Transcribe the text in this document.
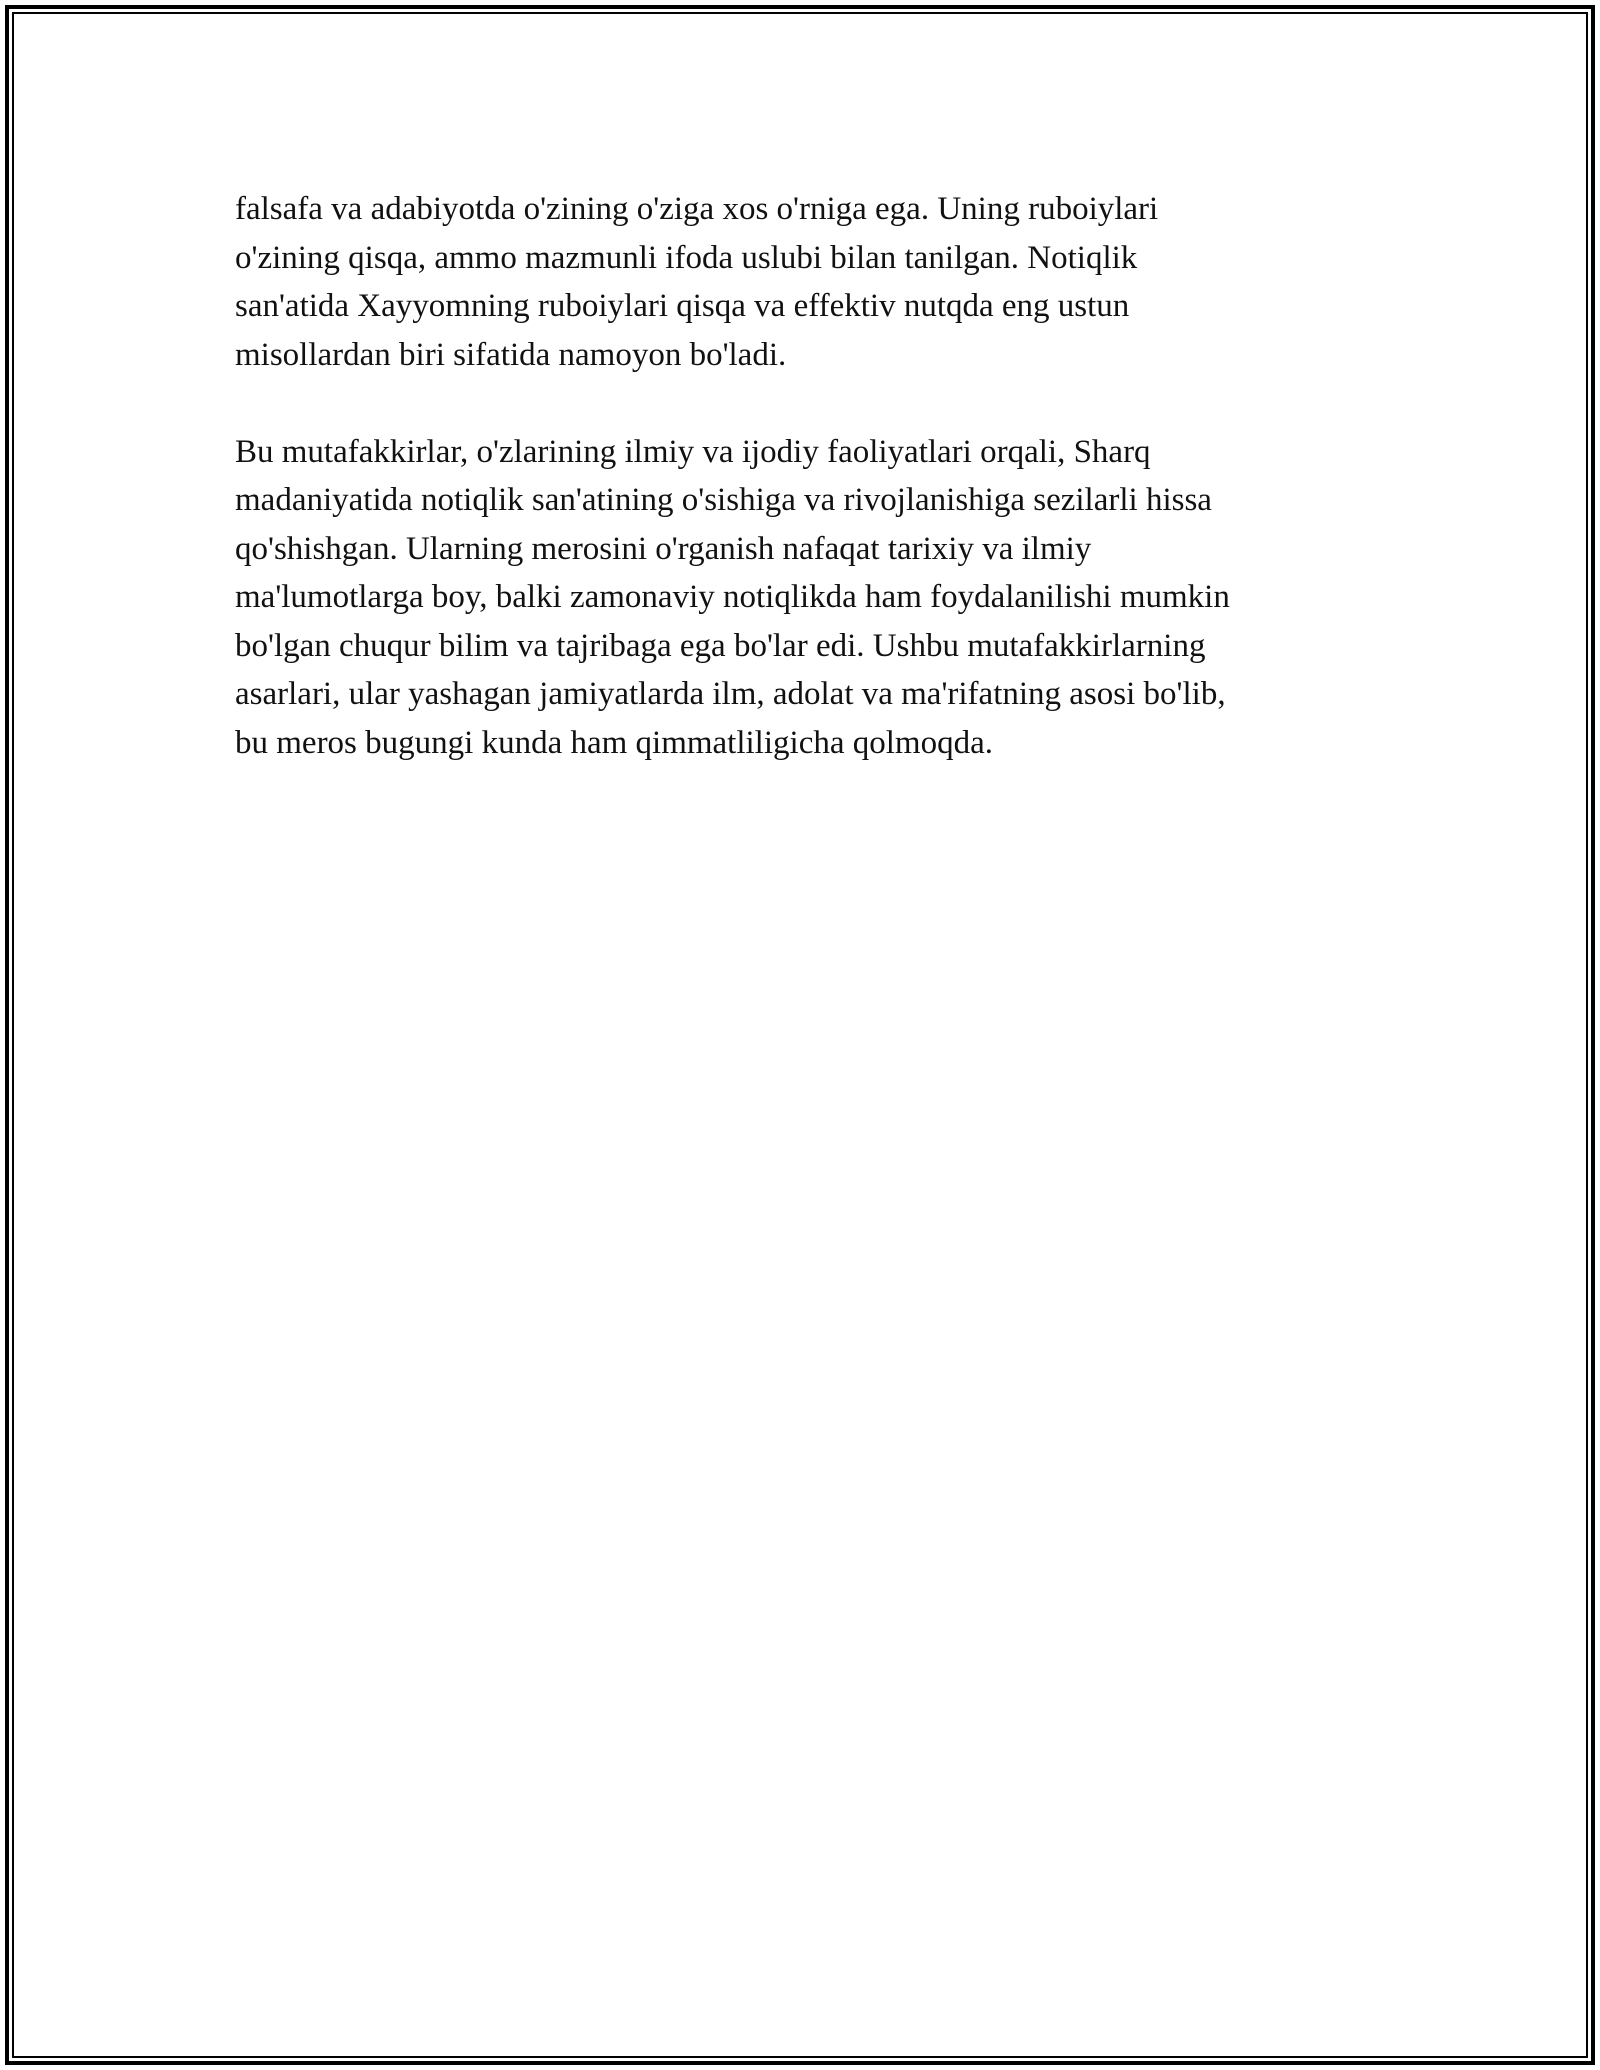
falsafa va adabiyotda o'zining o'ziga xos o'rniga ega. Uning ruboiylari
o'zining qisqa, ammo mazmunli ifoda uslubi bilan tanilgan. Notiqlik
san'atida Xayyomning ruboiylari qisqa va effektiv nutqda eng ustun
misollardan biri sifatida namoyon bo'ladi.

Bu mutafakkirlar, o'zlarining ilmiy va ijodiy faoliyatlari orqali, Sharq
madaniyatida notiqlik san'atining o'sishiga va rivojlanishiga sezilarli hissa
qo'shishgan. Ularning merosini o'rganish nafaqat tarixiy va ilmiy
ma'lumotlarga boy, balki zamonaviy notiqlikda ham foydalanilishi mumkin
bo'lgan chuqur bilim va tajribaga ega bo'lar edi. Ushbu mutafakkirlarning
asarlari, ular yashagan jamiyatlarda ilm, adolat va ma'rifatning asosi bo'lib,
bu meros bugungi kunda ham qimmatliligicha qolmoqda.
